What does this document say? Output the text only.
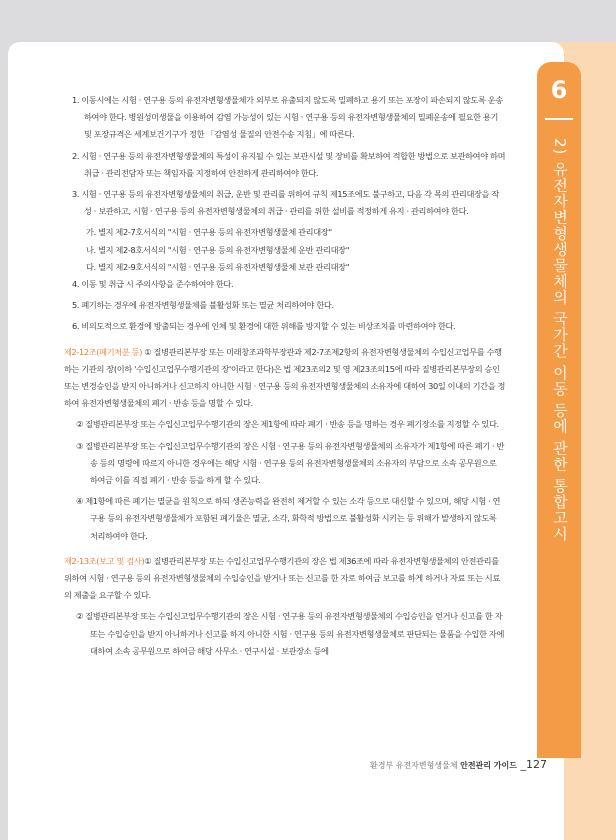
6
2) 유전자변형생물체의 국가간 이동 등에 관한 통합고시

1. 이동시에는 시험 · 연구용 등의 유전자변형생물체가 외부로 유출되지 않도록 밀폐하고 용기 또는 포장이 파손되지 않도록 운송하여야 한다. 병원성미생물을 이용하여 감염 가능성이 있는 시험 · 연구용 등의 유전자변형생물체의 밀폐운송에 필요한 용기 및 포장규격은 세계보건기구가 정한 「감염성 물질의 안전수송 지침」에 따른다.

2. 시험 · 연구용 등의 유전자변형생물체의 특성이 유지될 수 있는 보관시설 및 장비를 확보하여 적합한 방법으로 보관하여야 하며 취급 · 관리전담자 또는 책임자를 지정하여 안전하게 관리하여야 한다.

3. 시험 · 연구용 등의 유전자변형생물체의 취급, 운반 및 관리를 위하여 규칙 제15조에도 불구하고, 다음 각 목의 관리대장을 작성 · 보관하고, 시험 · 연구용 등의 유전자변형생물체의 취급 · 관리를 위한 설비를 적정하게 유지 · 관리하여야 한다.

가. 별지 제2-7호서식의 "시험 · 연구용 등의 유전자변형생물체 관리대장"

나. 별지 제2-8호서식의 "시험 · 연구용 등의 유전자변형생물체 운반 관리대장"

다. 별지 제2-9호서식의 "시험 · 연구용 등의 유전자변형생물체 보관 관리대장"

4. 이동 및 취급 시 주의사항을 준수하여야 한다.

5. 폐기하는 경우에 유전자변형생물체를 불활성화 또는 멸균 처리하여야 한다.

6. 비의도적으로 환경에 방출되는 경우에 인체 및 환경에 대한 위해를 방지할 수 있는 비상조치를 마련하여야 한다.

제2-12조(폐기처분 등) ① 질병관리본부장 또는 미래창조과학부장관과 제2-7조제2항의 유전자변형생물체의 수입신고업무를 수행하는 기관의 장(이하 '수입신고업무수행기관의 장'이라고 한다)은 법 제23조의2 및 영 제23조의15에 따라 질병관리본부장의 승인 또는 변경승인을 받지 아니하거나 신고하지 아니한 시험 · 연구용 등의 유전자변형생물체의 소유자에 대하여 30일 이내의 기간을 정하여 유전자변형생물체의 폐기 · 반송 등을 명할 수 있다.

② 질병관리본부장 또는 수입신고업무수행기관의 장은 제1항에 따라 폐기 · 반송 등을 명하는 경우 폐기장소를 지정할 수 있다.

③ 질병관리본부장 또는 수입신고업무수행기관의 장은 시험 · 연구용 등의 유전자변형생물체의 소유자가 제1항에 따른 폐기 · 반송 등의 명령에 따르지 아니한 경우에는 해당 시험 · 연구용 등의 유전자변형생물체의 소유자의 부담으로 소속 공무원으로 하여금 이를 직접 폐기 · 반송 등을 하게 할 수 있다.

④ 제1항에 따른 폐기는 멸균을 원칙으로 하되 생존능력을 완전히 제거할 수 있는 소각 등으로 대신할 수 있으며, 해당 시험 · 연구용 등의 유전자변형생물체가 포함된 폐기물은 멸균, 소각, 화학적 방법으로 불활성화 시키는 등 위해가 발생하지 않도록 처리하여야 한다.

제2-13조(보고 및 검사)① 질병관리본부장 또는 수입신고업무수행기관의 장은 법 제36조에 따라 유전자변형생물체의 안전관리를 위하여 시험 · 연구용 등의 유전자변형생물체의 수입승인을 받거나 또는 신고를 한 자로 하여금 보고를 하게 하거나 자료 또는 시료의 제출을 요구할 수 있다.

② 질병관리본부장 또는 수입신고업무수행기관의 장은 시험 · 연구용 등의 유전자변형생물체의 수입승인을 얻거나 신고를 한 자 또는 수입승인을 받지 아니하거나 신고를 하지 아니한 시험 · 연구용 등의 유전자변형생물체로 판단되는 물품을 수입한 자에 대하여 소속 공무원으로 하여금 해당 사무소 · 연구시설 · 보관장소 등에

환경부 유전자변형생물체 안전관리 가이드 _127
